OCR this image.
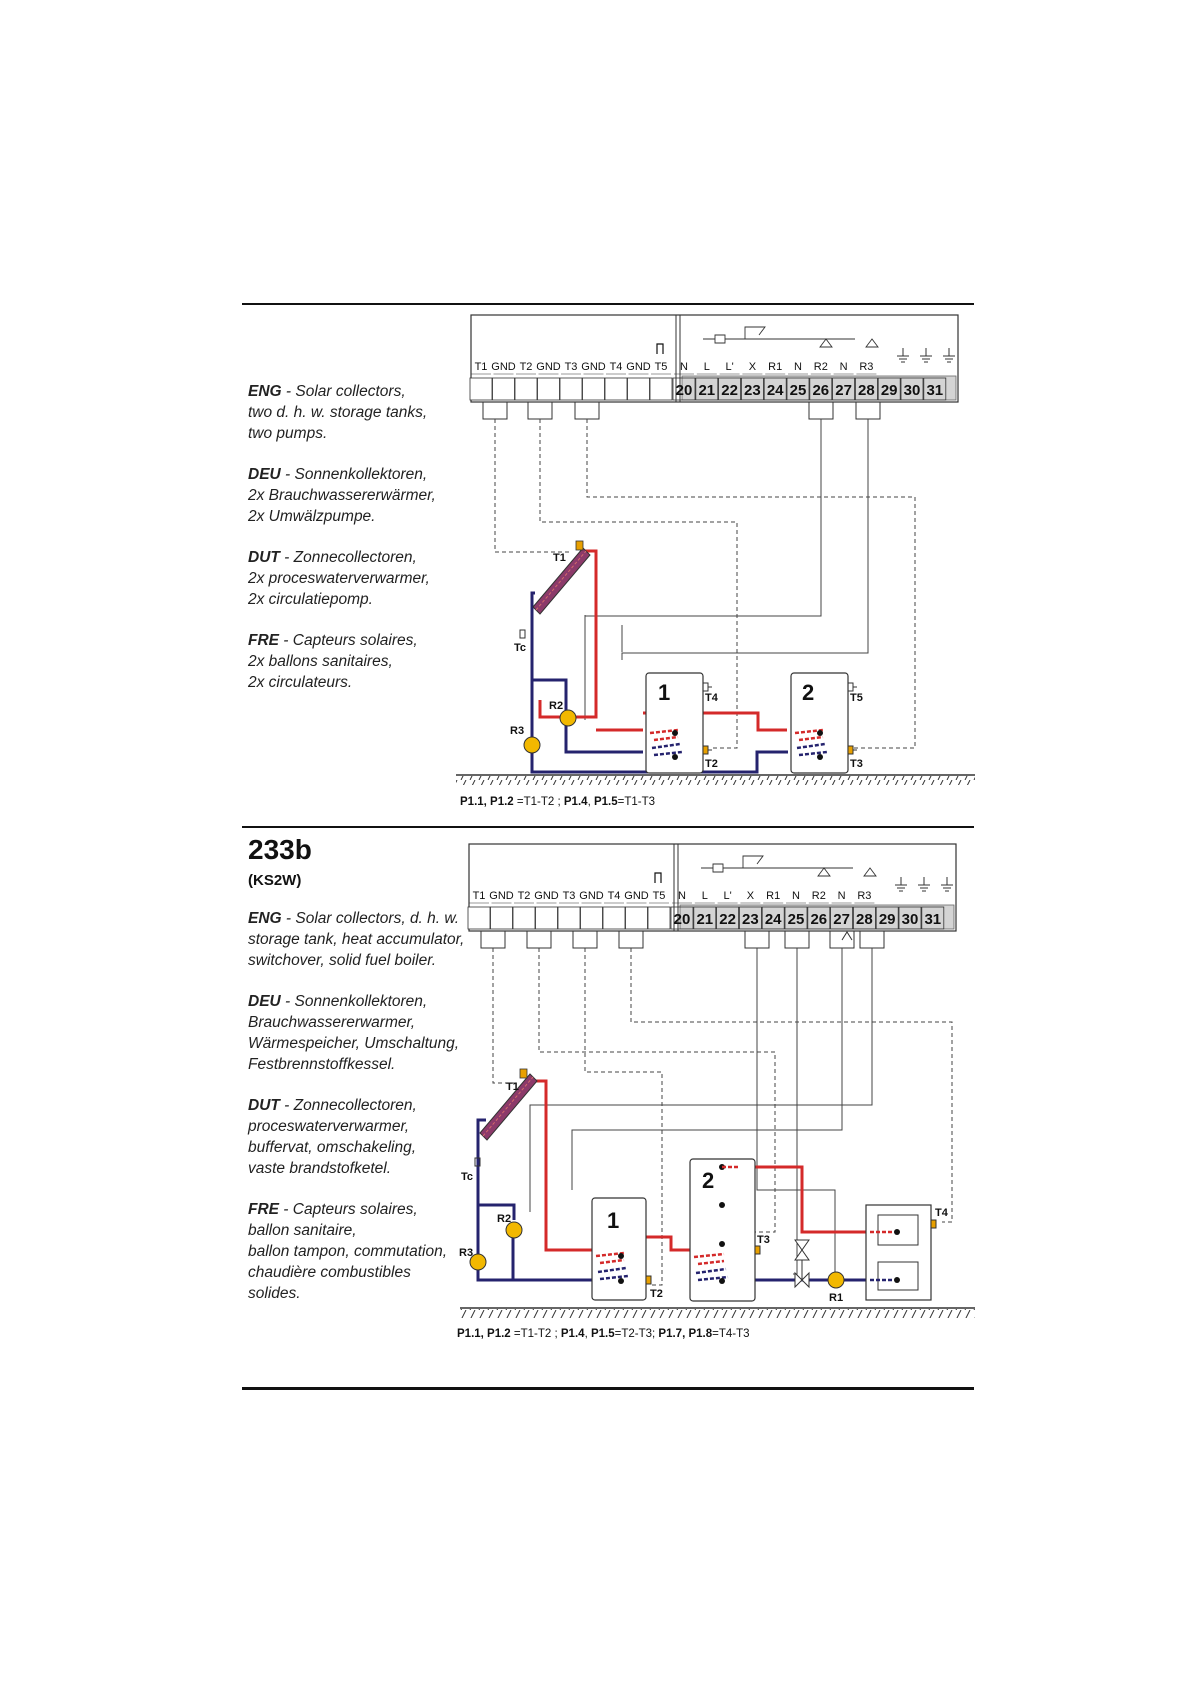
233b
(KS2W)
ENG - Solar collectors,
two d. h. w. storage tanks,
two pumps.
DEU - Sonnenkollektoren,
2x Brauchwassererwärmer,
2x Umwälzpumpe.
DUT - Zonnecollectoren,
2x proceswaterverwarmer,
2x circulatiepomp.
FRE - Capteurs solaires,
2x ballons sanitaires,
2x circulateurs.
ENG - Solar collectors, d. h. w.
storage tank, heat accumulator,
switchover, solid fuel boiler.
DEU - Sonnenkollektoren,
Brauchwassererwarmer,
Wärmespeicher, Umschaltung,
Festbrennstoffkessel.
DUT - Zonnecollectoren,
proceswaterverwarmer,
buffervat, omschakeling,
vaste brandstofketel.
FRE - Capteurs solaires,
ballon sanitaire,
ballon tampon, commutation,
chaudière combustibles
solides.
P1.1, P1.2 =T1-T2 ; P1.4, P1.5=T1-T3
P1.1, P1.2 =T1-T2 ; P1.4, P1.5=T2-T3; P1.7, P1.8=T4-T3
T1 GND T2 GND T3 GND T4 GND T5 N L L' X R1 N R2 N R3
20 21 22 23 24 25 26 27 28 29 30 31
T1
Tc
R2
R3
T4	T5
T2	T3
1	2
T1 GND T2 GND T3 GND T4 GND T5 N L L' X R1 N R2 N R3
20 21 22 23 24 25 26 27 28 29 30 31
T1
Tc
R2
R3
R1
T2
T3
T4
1
2
